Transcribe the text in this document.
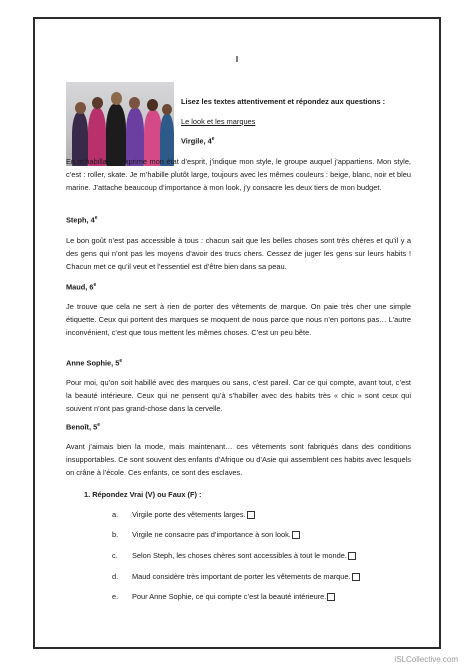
I
Lisez les textes attentivement et répondez aux questions :
Le look et les marques
Virgile, 4e
En m’habillant, j’exprime mon état d’esprit, j’indique mon style, le groupe auquel j’appartiens. Mon style, c’est : roller, skate. Je m’habille plutôt large, toujours avec les mêmes couleurs : beige, blanc, noir et bleu marine. J’attache beaucoup d’importance à mon look, j’y consacre les deux tiers de mon budget.
Steph, 4e
Le bon goût n’est pas accessible à tous : chacun sait que les belles choses sont très chères et qu’il y a des gens qui n’ont pas les moyens d’avoir des trucs chers. Cessez de juger les gens sur leurs habits ! Chacun met ce qu’il veut et l’essentiel est d’être bien dans sa peau.
Maud, 6e
Je trouve que cela ne sert à rien de porter des vêtements de marque. On paie très cher une simple étiquette. Ceux qui portent des marques se moquent de nous parce que nous n’en portons pas… L’autre inconvénient, c’est que tous mettent les mêmes choses. C’est un peu bête.
Anne Sophie, 5e
Pour moi, qu’on soit habillé avec des marques ou sans, c’est pareil. Car ce qui compte, avant tout, c’est la beauté intérieure. Ceux qui ne pensent qu’à s’habiller avec des habits très « chic » sont ceux qui souvent n’ont pas grand-chose dans la cervelle.
Benoît, 5e
Avant j’aimais bien la mode, mais maintenant… ces vêtements sont fabriqués dans des conditions insupportables. Ce sont souvent des enfants d’Afrique ou d’Asie qui assemblent ces habits avec lesquels on crâne à l’école. Ces enfants, ce sont des esclaves.
1. Répondez Vrai (V) ou Faux (F) :
a.	Virgile porte des vêtements larges.
b.	Virgile ne consacre pas d’importance à son look.
c.	Selon Steph, les choses chères sont accessibles à tout le monde.
d.	Maud considère très important de porter les vêtements de marque.
e.	Pour Anne Sophie, ce qui compte c’est la beauté intérieure.
iSLCollective.com
